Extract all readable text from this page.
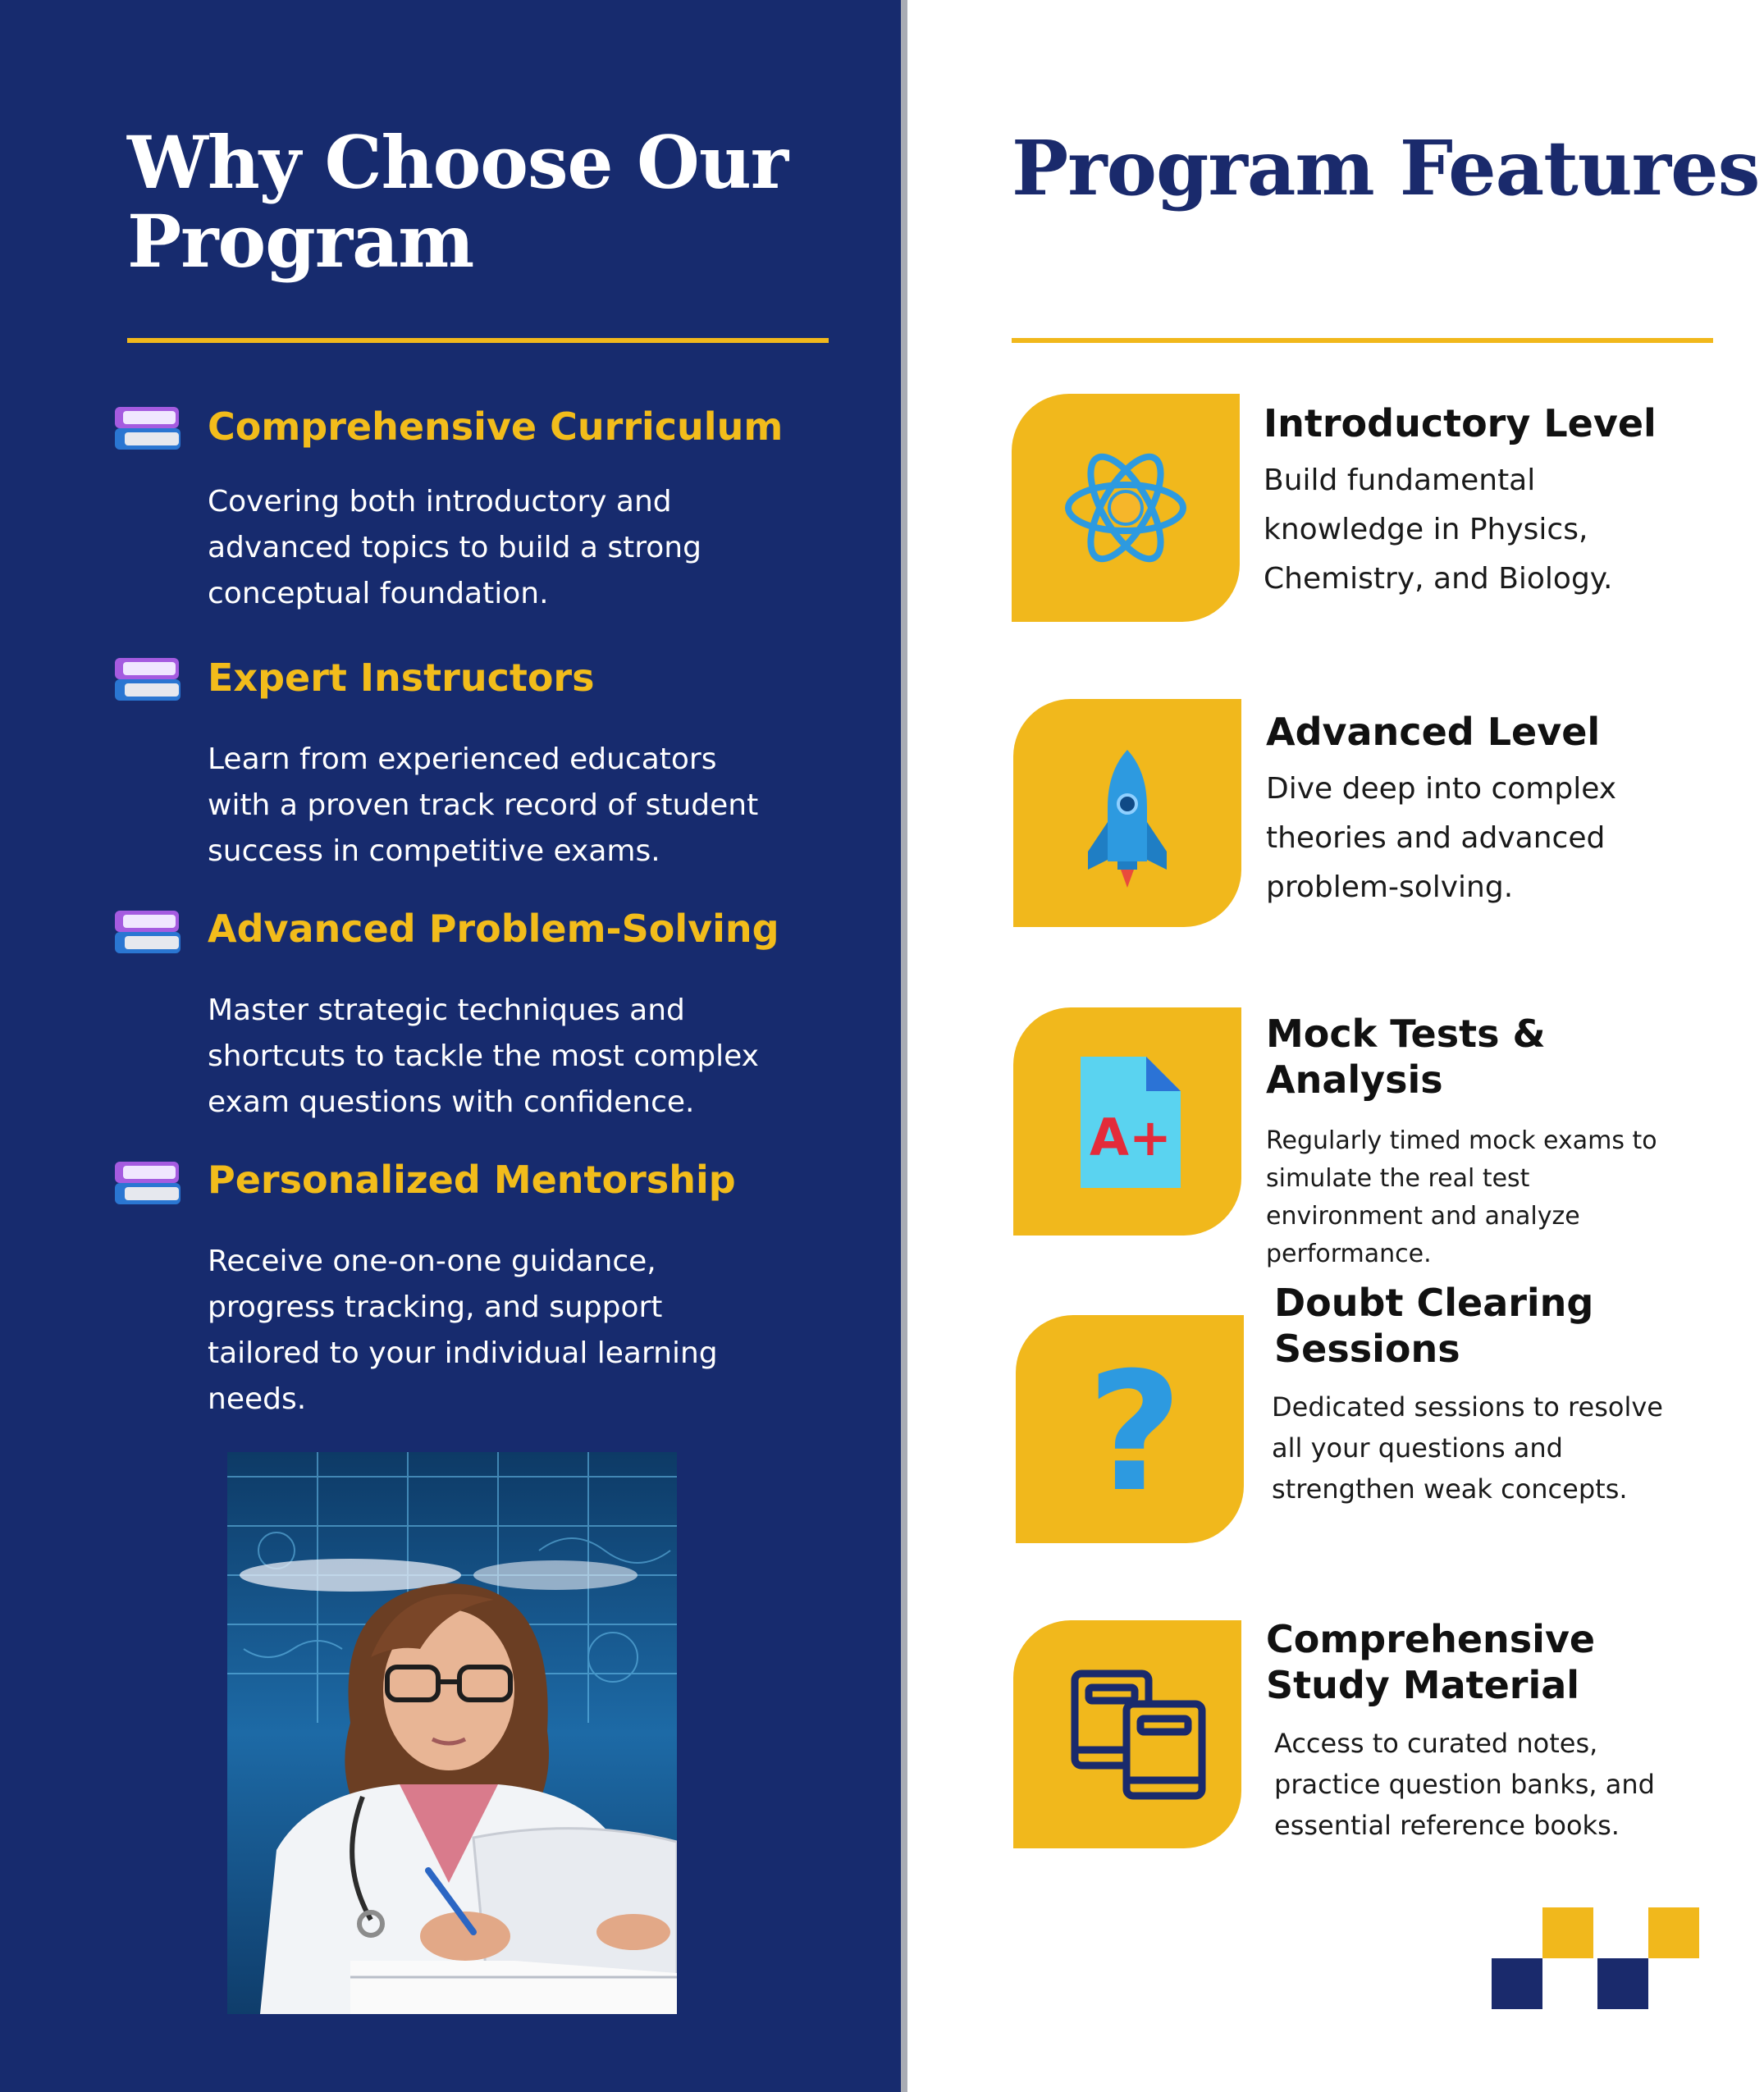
Why Choose Our Program

Comprehensive Curriculum

Covering both introductory and advanced topics to build a strong conceptual foundation.

Expert Instructors

Learn from experienced educators with a proven track record of student success in competitive exams.

Advanced Problem-Solving

Master strategic techniques and shortcuts to tackle the most complex exam questions with confidence.

Personalized Mentorship

Receive one-on-one guidance, progress tracking, and support tailored to your individual learning needs.

Program Features

Introductory Level

Build fundamental knowledge in Physics, Chemistry, and Biology.

Advanced Level

Dive deep into complex theories and advanced problem-solving.

A+

Mock Tests & Analysis

Regularly timed mock exams to simulate the real test environment and analyze performance.

?

Doubt Clearing Sessions

Dedicated sessions to resolve all your questions and strengthen weak concepts.

Comprehensive Study Material

Access to curated notes, practice question banks, and essential reference books.
